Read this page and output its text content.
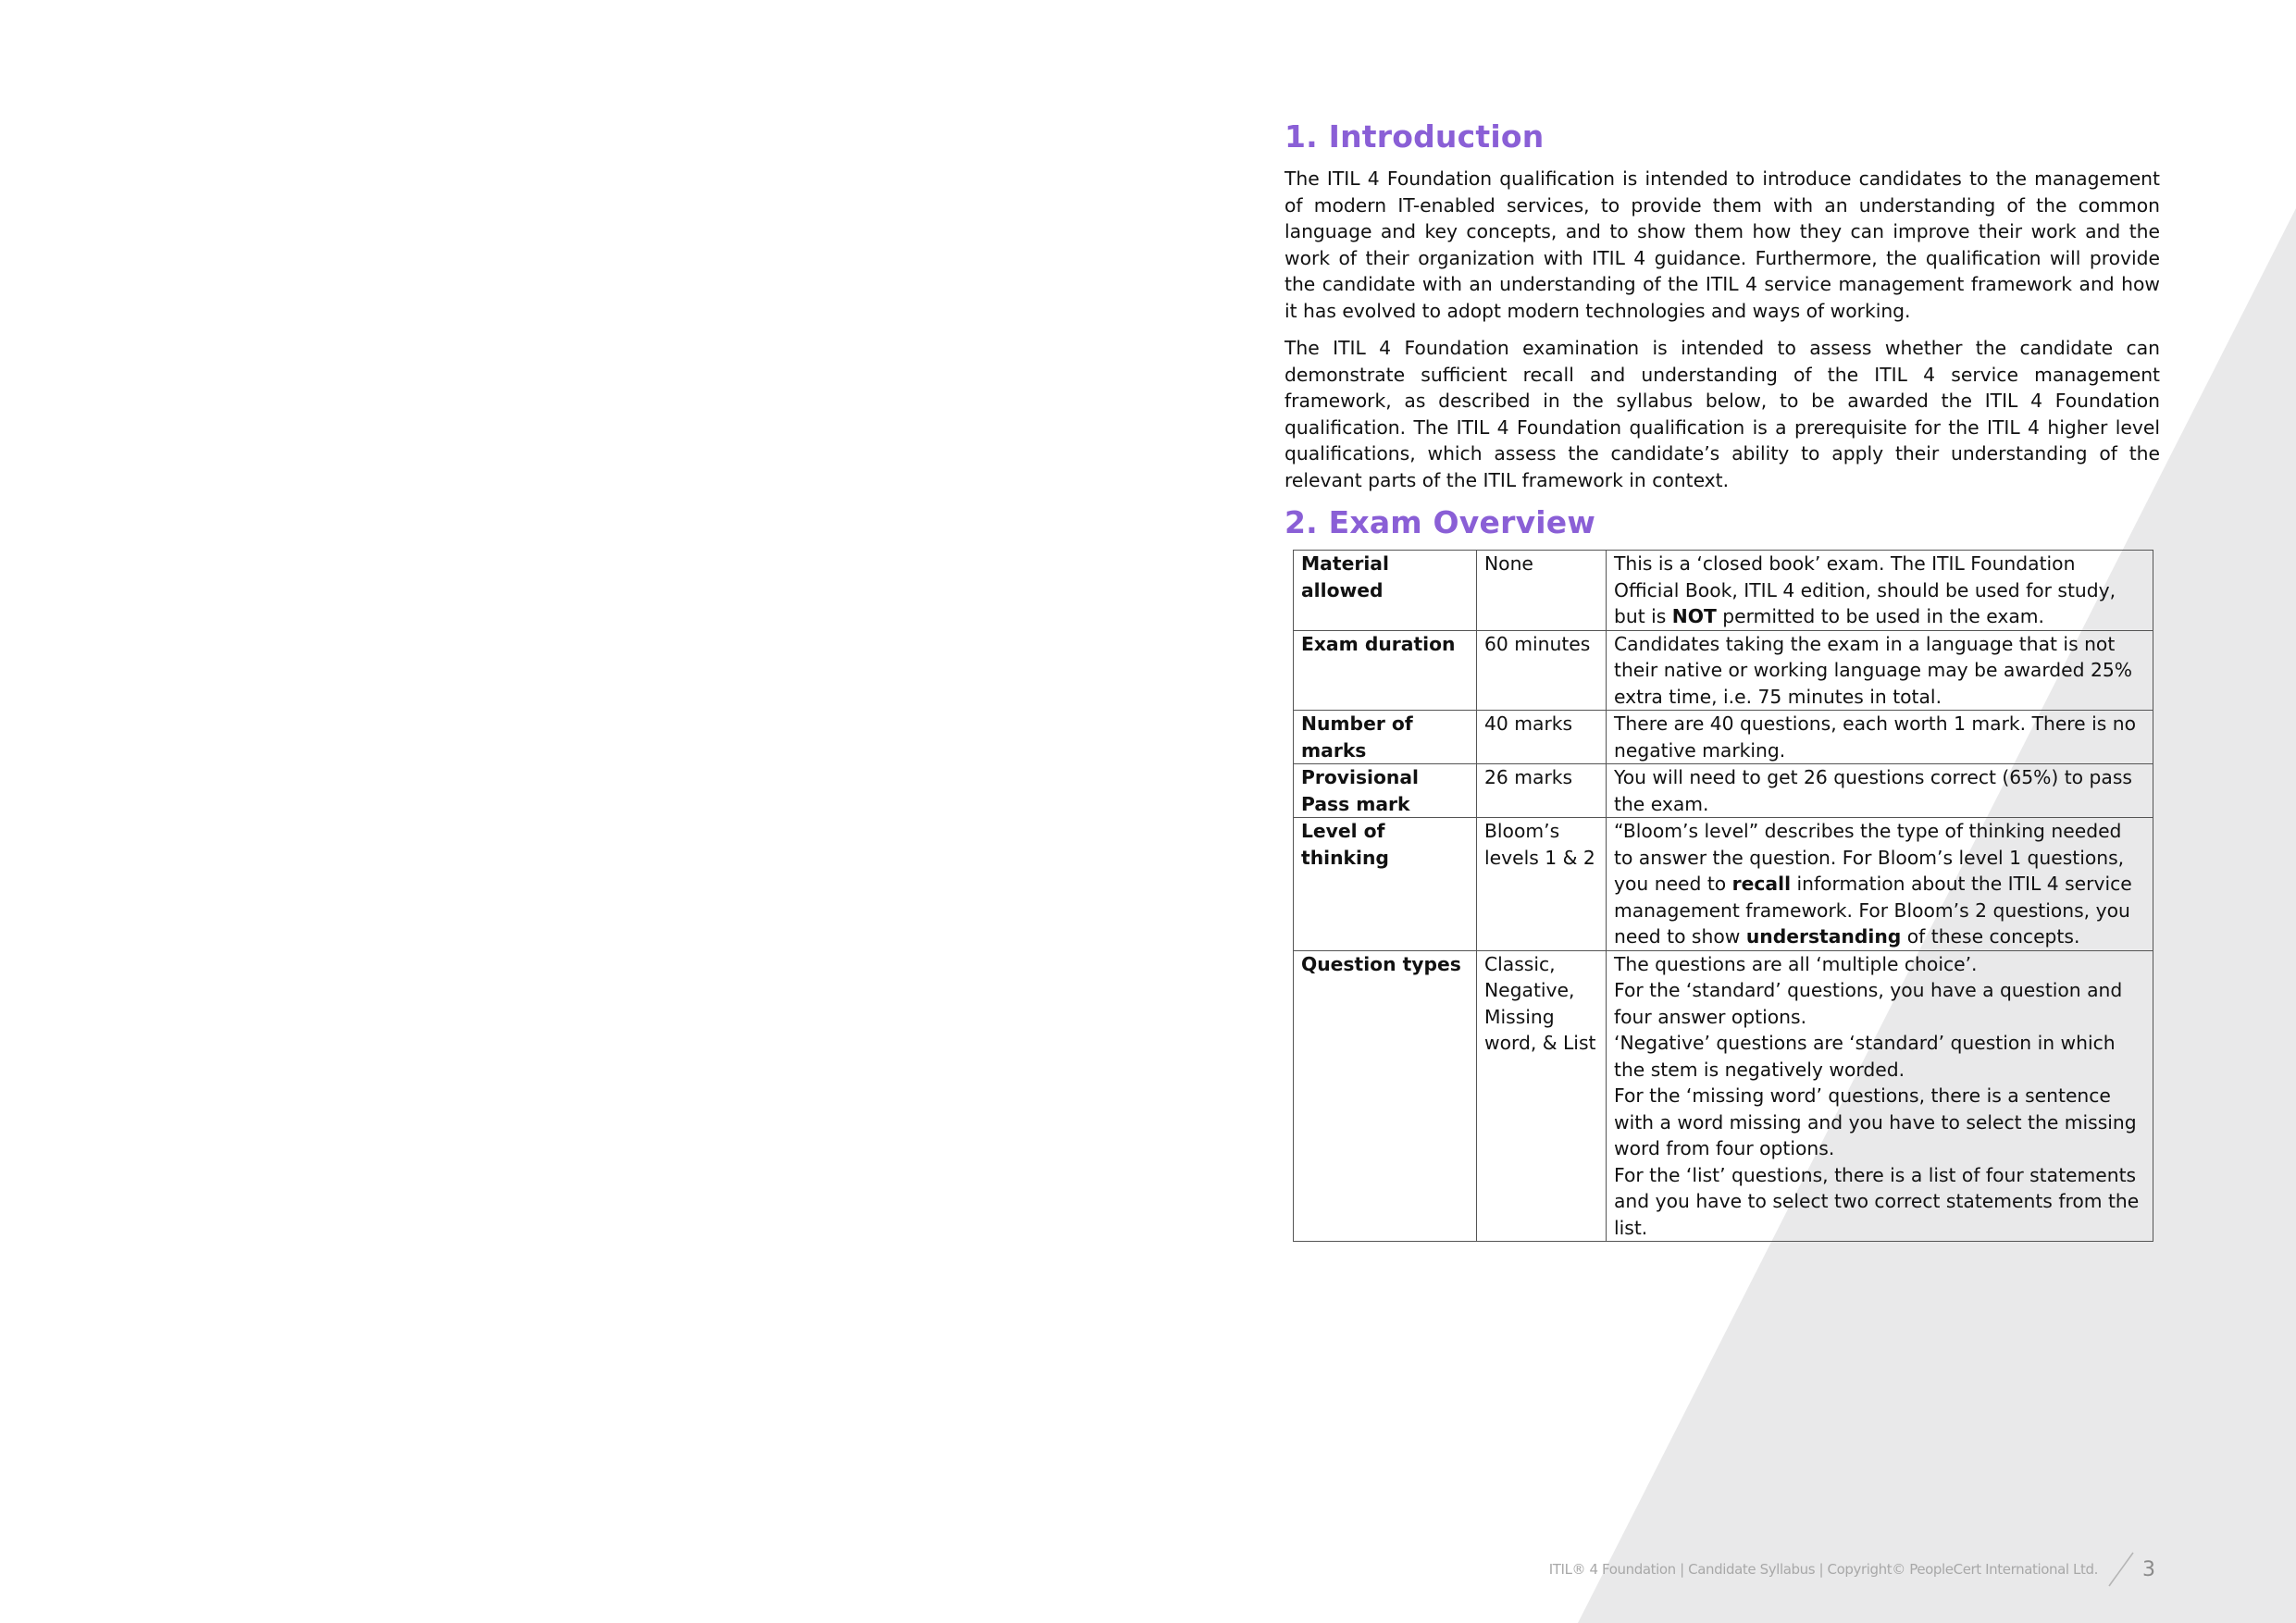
1. Introduction

The ITIL 4 Foundation qualification is intended to introduce candidates to the management of modern IT-enabled services, to provide them with an understanding of the common language and key concepts, and to show them how they can improve their work and the work of their organization with ITIL 4 guidance. Furthermore, the qualification will provide the candidate with an understanding of the ITIL 4 service management framework and how it has evolved to adopt modern technologies and ways of working.

The ITIL 4 Foundation examination is intended to assess whether the candidate can demonstrate sufficient recall and understanding of the ITIL 4 service management framework, as described in the syllabus below, to be awarded the ITIL 4 Foundation qualification. The ITIL 4 Foundation qualification is a prerequisite for the ITIL 4 higher level qualifications, which assess the candidate’s ability to apply their understanding of the relevant parts of the ITIL framework in context.

2. Exam Overview
Material allowed	None	This is a ‘closed book’ exam. The ITIL Foundation Official Book, ITIL 4 edition, should be used for study, but is NOT permitted to be used in the exam.
Exam duration	60 minutes	Candidates taking the exam in a language that is not their native or working language may be awarded 25% extra time, i.e. 75 minutes in total.
Number of marks	40 marks	There are 40 questions, each worth 1 mark. There is no negative marking.
Provisional Pass mark	26 marks	You will need to get 26 questions correct (65%) to pass the exam.
Level of thinking	Bloom’s levels 1 & 2	“Bloom’s level” describes the type of thinking needed to answer the question. For Bloom’s level 1 questions, you need to recall information about the ITIL 4 service management framework. For Bloom’s 2 questions, you need to show understanding of these concepts.
Question types	Classic, Negative, Missing word, & List	The questions are all ‘multiple choice’.
For the ‘standard’ questions, you have a question and four answer options.
‘Negative’ questions are ‘standard’ question in which the stem is negatively worded.
For the ‘missing word’ questions, there is a sentence with a word missing and you have to select the missing word from four options.
For the ‘list’ questions, there is a list of four statements and you have to select two correct statements from the list.
ITIL® 4 Foundation | Candidate Syllabus | Copyright© PeopleCert International Ltd. 3
